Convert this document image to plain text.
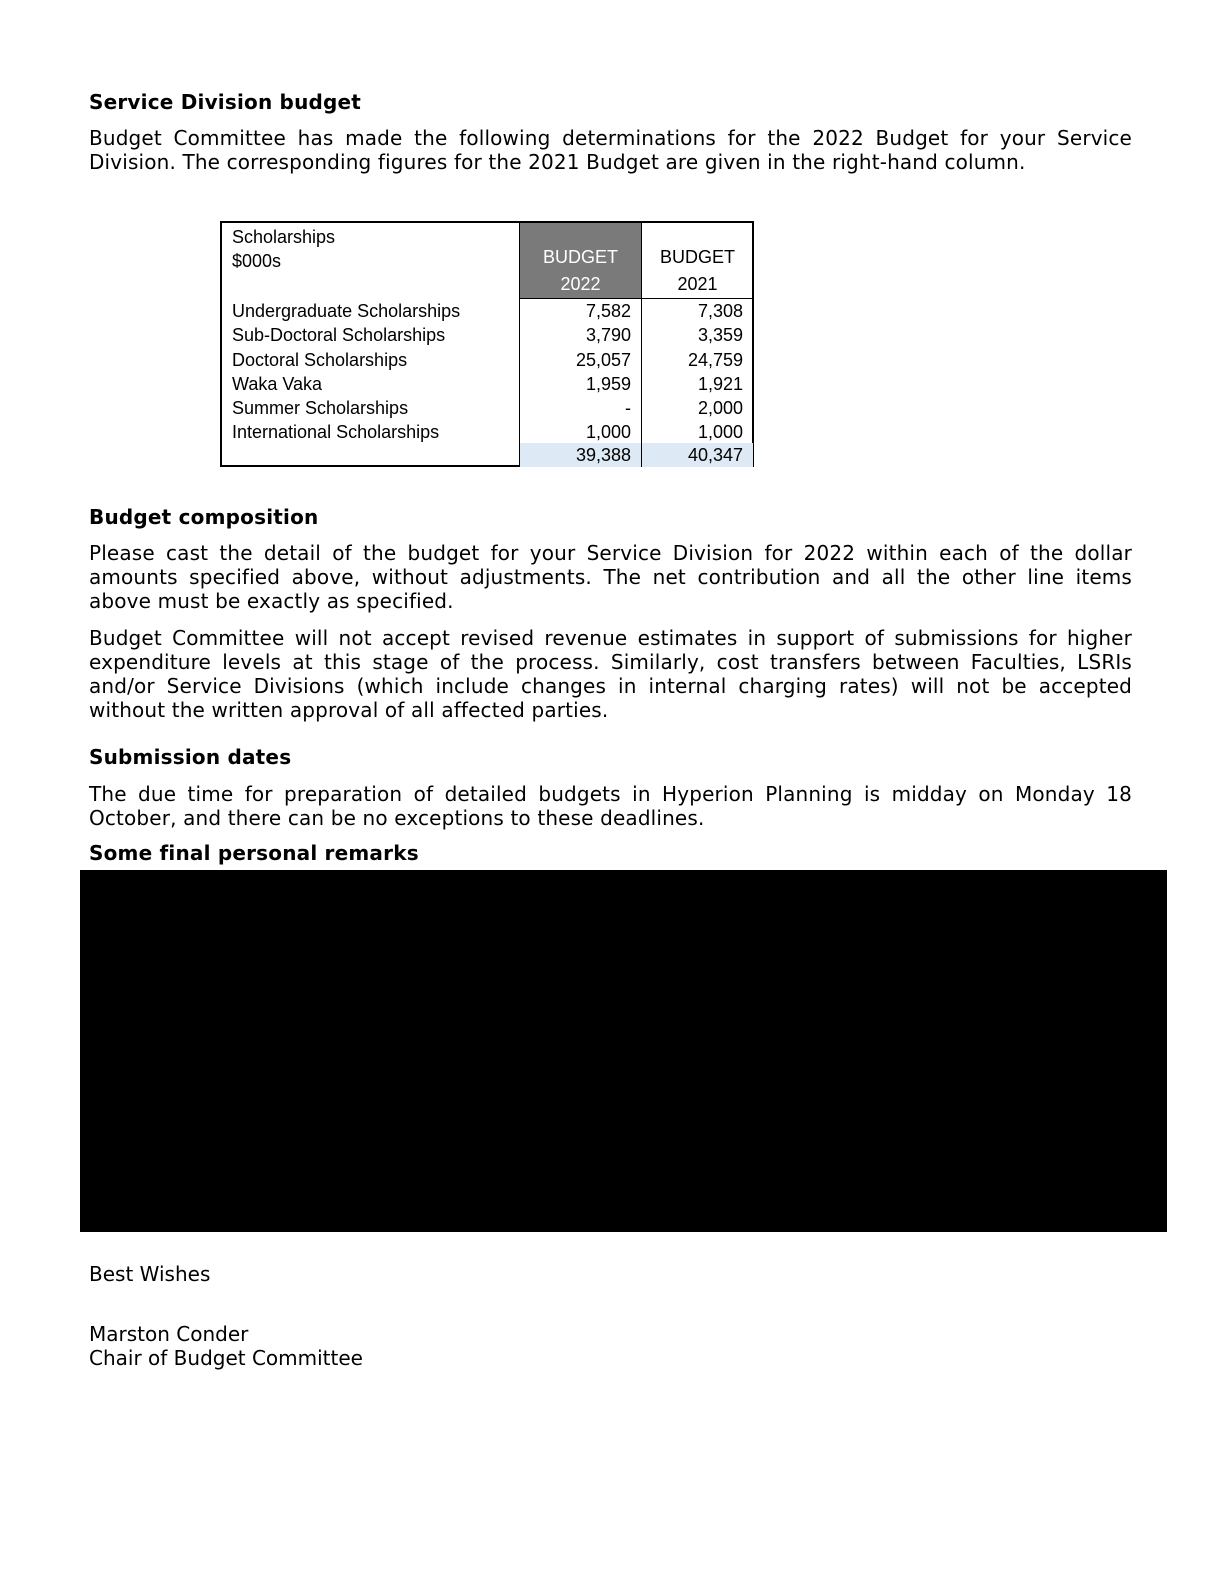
Service Division budget

Budget Committee has made the following determinations for the 2022 Budget for your Service Division. The corresponding figures for the 2021 Budget are given in the right-hand column.

Scholarships
$000s
Undergraduate Scholarships
Sub-Doctoral Scholarships
Doctoral Scholarships
Waka Vaka
Summer Scholarships
International Scholarships
BUDGET
2022
7,582
3,790
25,057
1,959
-
1,000
39,388
BUDGET
2021
7,308
3,359
24,759
1,921
2,000
1,000
40,347
Budget composition

Please cast the detail of the budget for your Service Division for 2022 within each of the dollar amounts specified above, without adjustments. The net contribution and all the other line items above must be exactly as specified.

Budget Committee will not accept revised revenue estimates in support of submissions for higher expenditure levels at this stage of the process. Similarly, cost transfers between Faculties, LSRIs and/or Service Divisions (which include changes in internal charging rates) will not be accepted without the written approval of all affected parties.

Submission dates

The due time for preparation of detailed budgets in Hyperion Planning is midday on Monday 18 October, and there can be no exceptions to these deadlines.

Some final personal remarks

Best Wishes

Marston Conder

Chair of Budget Committee
